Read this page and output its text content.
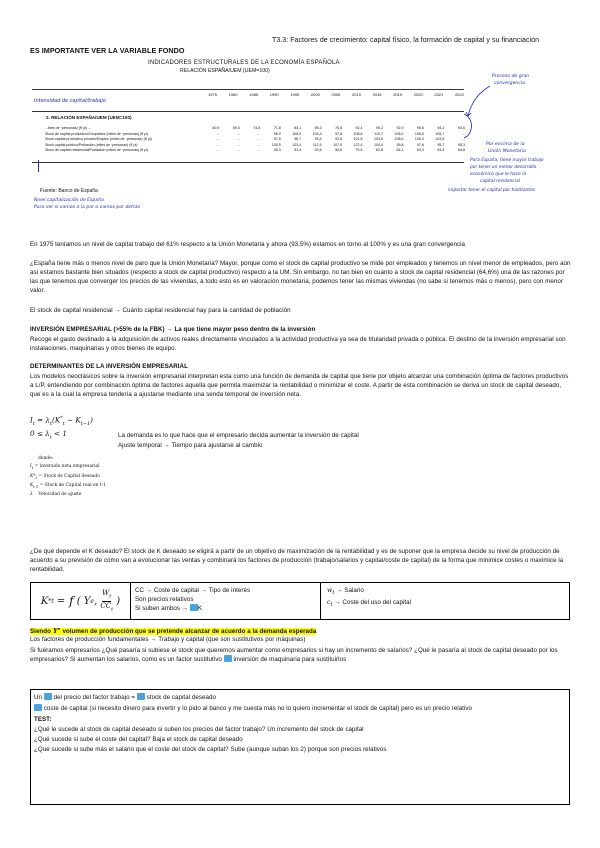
T3.3: Factores de crecimiento: capital físico, la formación de capital y su financiación
ES IMPORTANTE VER LA VARIABLE FONDO
INDICADORES ESTRUCTURALES DE LA ECONOMÍA ESPAÑOLA
RELACIÓN ESPAÑA/UEM (UEM=100)
Intensidad de capital/trabajo
1975	1980	1985	1990	1995	2000	2005	2010	2015	2019	2020	2021	2022
2. RELACIÓN ESPAÑA/UEM (UEM=100)
...bles de ·personas) (€ pl) ...	60,9	69,3	74,8	71,8	83,1	89,3	76,8	92,4	95,2	92,9	95,6	94,2	93,6
Stock de capital productivo/Ocupados (miles de ·personas) (€ pl)	...	...	...	98,0	108,9	104,4	97,8	108,8	110,7	108,0	106,0	105,7	...
Stock capital productivo privado/Empleo (miles de ·personas) (€ pl)	...	...	...	97,5	96,7	93,4	93,8	101,6	103,5	108,6	105,3	103,8	...
Stock capital público/Población (miles de ·personas) (€ pl)	...	...	...	105,5	123,4	112,5	107,0	122,4	104,4	95,8	97,8	95,7	95,3
Stock de capital residencial/Población (miles de ·personas) (€ pl)	...	...	...	48,3	51,4	53,6	59,6	70,5	62,8	64,1	64,3	64,5	64,6
Fuente: Banco de España
Nivel capitalización de España
Para ver si vamos a la par o vamos por detrás
Proceso de gran
convergencia
Por encima de la
Unión Monetaria
Para España, tiene mayor trabajo
por tener un menor desarrollo
económico que le hace la
capital residencial
importar tener el capital por habitantes
En 1975 teníamos un nivel de capital trabajo del 61% respecto a la Unión Monetaria y ahora (93,5%) estamos en torno al 100% y es una gran convergencia
¿España tiene más o menos nivel de paro que la Unión Monetaria? Mayor, porque como el stock de capital productivo se mide por empleados y tenemos un nivel menor de empleados, pero aún así estamos bastante bien situados (respecto a stock de capital productivo) respecto a la UM. Sin embargo, no tan bien en cuanto a stock de capital residencial (64,6%) una de las razones por las que tenemos que converger los precios de las viviendas, a todo esto es en valoración monetaria, podemos tener las mismas viviendas (no sabe si tenemos más o menos), pero con menor valor.
El stock de capital residencial → Cuánto capital residencial hay para la cantidad de población
INVERSIÓN EMPRESARIAL (>55% de la FBK) → La que tiene mayor peso dentro de la inversión
Recoge el gasto destinado a la adquisición de activos reales directamente vinculados a la actividad productiva ya sea de titularidad privada o pública. El destino de la inversión empresarial son instalaciones, maquinarias y otros bienes de equipo.
DETERMINANTES DE LA INVERSIÓN EMPRESARIAL
Los modelos neoclásicos sobre la inversión empresarial interpretan esta como una función de demanda de capital que tiene por objeto alcanzar una combinación óptima de factores productivos a L/P, entendiendo por combinación óptima de factores aquella que permita maximizar la rentabilidad o minimizar el coste. A partir de esta combinación se deriva un stock de capital deseado, que es a la cual la empresa tendería a ajustarse mediante una senda temporal de inversión neta.
$I_t = \lambda_t(K^*_t - K_{t-1})$
$0 \le \lambda_t < 1$	La demanda es lo que hace que el empresario decida aumentar la inversión de capital
Ajuste temporal → Tiempo para ajustarse al cambio
donde:
$I_t$ = inversión neta empresarial
$K*_t$ = Stock de Capital deseado
$K_{t-1}$ = Stock de Capital real en t-1
λ Velocidad de ajuste
¿De qué depende el K deseado? El stock de K deseado se eligirá a partir de un objetivo de maximización de la rentabilidad y es de suponer que la empresa decide su nivel de producción de acuerdo a su previsión de cómo van a evolucionar las ventas y combinará los factores de producción (trabajo/salarios y capital/coste de capital) de la forma que minimice costes o maximice la rentabilidad.
K * t = f ( Y e ,
$W_t$
$CC_t$
)
CC → Coste de capital → Tipo de interés
Son precios relativos
Si suben ambos → K
$w_t$ → Salario
$c_t$ → Coste del uso del capital
Siendo $Y^e$ volumen de producción que se pretende alcanzar de acuerdo a la demanda esperada
Los factores de producción fundamentales → Trabajo y capital (que son sustitutivos por máquinas)
Si fuéramos empresarios ¿Qué pasaría si subiese el stock que queremos aumentar como empresarios si hay un incremento de salarios? ¿Qué le pasaría al stock de capital deseado por los empresarios? Si aumentan los salarios, como es un factor sustitutivo inversión de maquinaria para sustituirlos
Un del precio del factor trabajo = stock de capital deseado
coste de capital (si necesito dinero para invertir y lo pido al banco y me cuesta más no lo quiero incrementar el stock de capital) pero es un precio relativo
TEST:
¿Qué le sucede al stock de capital deseado si suben los precios del factor trabajo? Un incremento del stock de capital
¿Qué sucede si sube el coste del capital? Baja el stock de capital deseado
¿Qué sucede si sube más el salario que el coste del stock de capital? Sube (aunque suban los 2) porque son precios relativos
